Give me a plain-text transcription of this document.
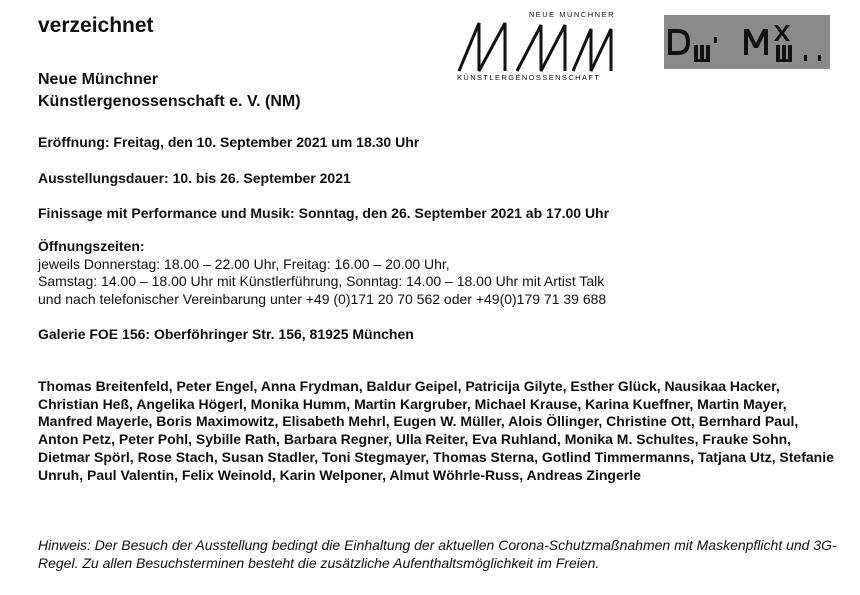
verzeichnet
Neue Münchner
Künstlergenossenschaft e. V. (NM)
NEUE MÜNCHNER
KÜNSTLERGENOSSENSCHAFT
Eröffnung: Freitag, den 10. September 2021 um 18.30 Uhr
Ausstellungsdauer: 10. bis 26. September 2021
Finissage mit Performance und Musik: Sonntag, den 26. September 2021 ab 17.00 Uhr
Öffnungszeiten:
jeweils Donnerstag: 18.00 – 22.00 Uhr, Freitag: 16.00 – 20.00 Uhr,
Samstag: 14.00 – 18.00 Uhr mit Künstlerführung, Sonntag: 14.00 – 18.00 Uhr mit Artist Talk
und nach telefonischer Vereinbarung unter +49 (0)171 20 70 562 oder +49(0)179 71 39 688
Galerie FOE 156: Oberföhringer Str. 156, 81925 München
Thomas Breitenfeld, Peter Engel, Anna Frydman, Baldur Geipel, Patricija Gilyte, Esther Glück, Nausikaa Hacker, Christian Heß, Angelika Högerl, Monika Humm, Martin Kargruber, Michael Krause, Karina Kueffner, Martin Mayer, Manfred Mayerle, Boris Maximowitz, Elisabeth Mehrl, Eugen W. Müller, Alois Öllinger, Christine Ott, Bernhard Paul, Anton Petz, Peter Pohl, Sybille Rath, Barbara Regner, Ulla Reiter, Eva Ruhland, Monika M. Schultes, Frauke Sohn, Dietmar Spörl, Rose Stach, Susan Stadler, Toni Stegmayer, Thomas Sterna, Gotlind Timmermanns, Tatjana Utz, Stefanie Unruh, Paul Valentin, Felix Weinold, Karin Welponer, Almut Wöhrle-Russ, Andreas Zingerle
Hinweis: Der Besuch der Ausstellung bedingt die Einhaltung der aktuellen Corona-Schutzmaßnahmen mit Maskenpflicht und 3G-Regel. Zu allen Besuchsterminen besteht die zusätzliche Aufenthaltsmöglichkeit im Freien.
